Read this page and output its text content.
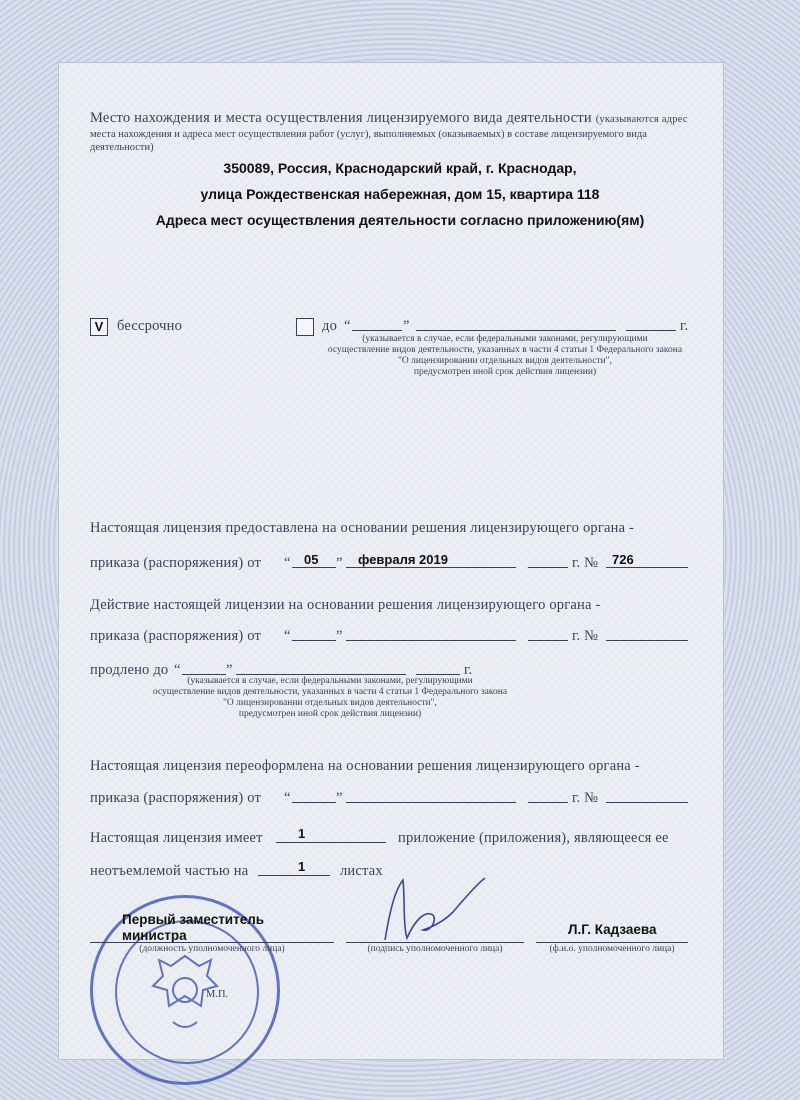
Место нахождения и места осуществления лицензируемого вида деятельности (указываются адрес
места нахождения и адреса мест осуществления работ (услуг), выполняемых (оказываемых) в составе лицензируемого вида
деятельности)
350089, Россия, Краснодарский край, г. Краснодар,
улица Рождественская набережная, дом 15, квартира 118
Адреса мест осуществления деятельности согласно приложению(ям)
V бессрочно	до “	”	г.
(указывается в случае, если федеральными законами, регулирующими
осуществление видов деятельности, указанных в части 4 статьи 1 Федерального закона
"О лицензировании отдельных видов деятельности",
предусмотрен иной срок действия лицензии)
Настоящая лицензия предоставлена на основании решения лицензирующего органа -
приказа (распоряжения) от “ 05 ” февраля 2019	г. № 726
Действие настоящей лицензии на основании решения лицензирующего органа -
приказа (распоряжения) от “	”	г. №
продлено до “	”	г.
(указывается в случае, если федеральными законами, регулирующими
осуществление видов деятельности, указанных в части 4 статьи 1 Федерального закона
"О лицензировании отдельных видов деятельности",
предусмотрен иной срок действия лицензии)
Настоящая лицензия переоформлена на основании решения лицензирующего органа -
приказа (распоряжения) от “	”	г. №
Настоящая лицензия имеет	1	приложение (приложения), являющееся ее
неотъемлемой частью на	1 листах
Первый заместитель
министра
(должность уполномоченного лица)	(подпись уполномоченного лица)
Л.Г. Кадзаева
(ф.и.о. уполномоченного лица)
М.П.
